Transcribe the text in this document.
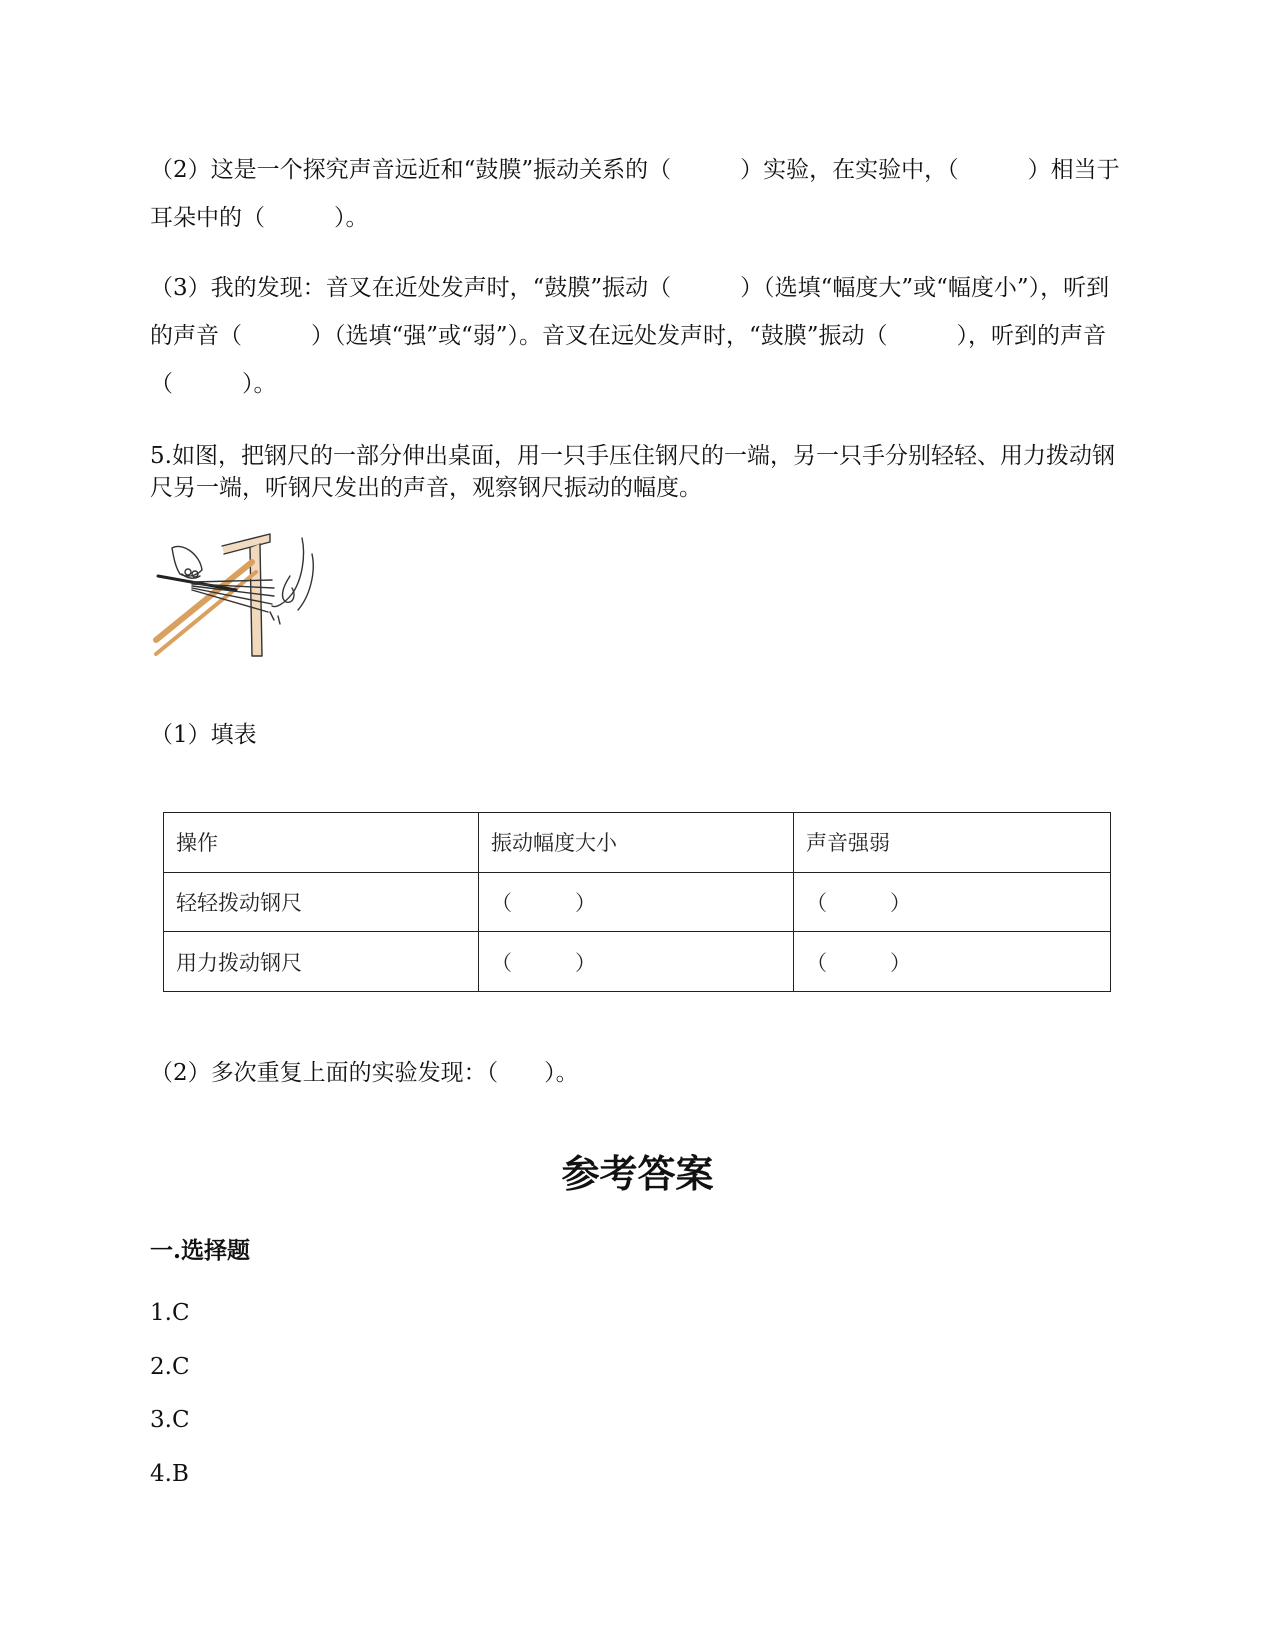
（2）这是一个探究声音远近和“鼓膜”振动关系的（　　　）实验，在实验中，（　　　）相当于耳朵中的（　　　）。
（3）我的发现：音叉在近处发声时，“鼓膜”振动（　　　）（选填“幅度大”或“幅度小”），听到的声音（　　　）（选填“强”或“弱”）。音叉在远处发声时，“鼓膜”振动（　　　），听到的声音（　　　）。
5.如图，把钢尺的一部分伸出桌面，用一只手压住钢尺的一端，另一只手分别轻轻、用力拨动钢尺另一端，听钢尺发出的声音，观察钢尺振动的幅度。
（1）填表
操作	振动幅度大小	声音强弱
轻轻拨动钢尺	（　　　）	（　　　）
用力拨动钢尺	（　　　）	（　　　）
（2）多次重复上面的实验发现：（　　）。
参考答案
一.选择题
1.C
2.C
3.C
4.B
